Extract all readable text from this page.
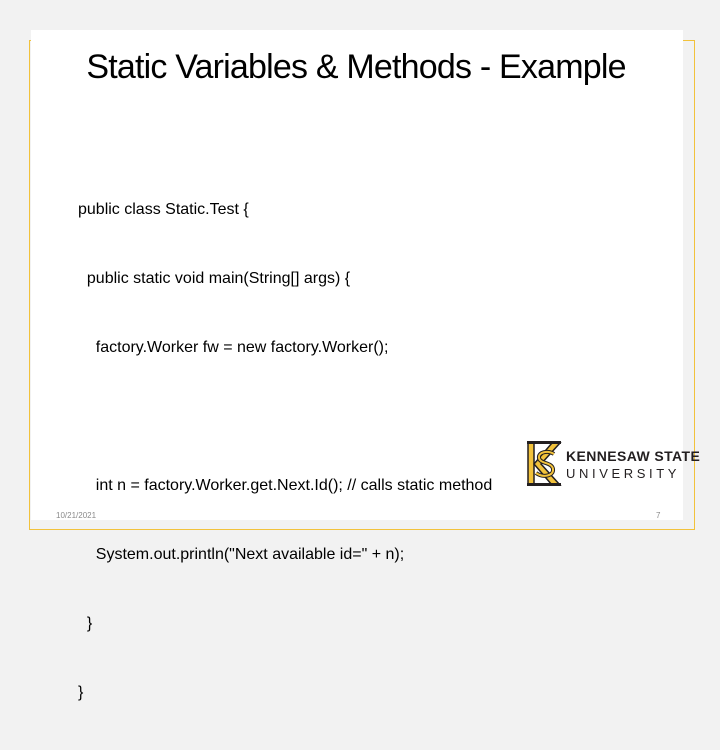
Static Variables & Methods - Example

public class Static.Test {

public static void main(String[] args) {

factory.Worker fw = new factory.Worker();

int n = factory.Worker.get.Next.Id(); // calls static method

System.out.println("Next available id=" + n);

}

}

KENNESAW STATE
UNIVERSITY
10/21/2021	7
